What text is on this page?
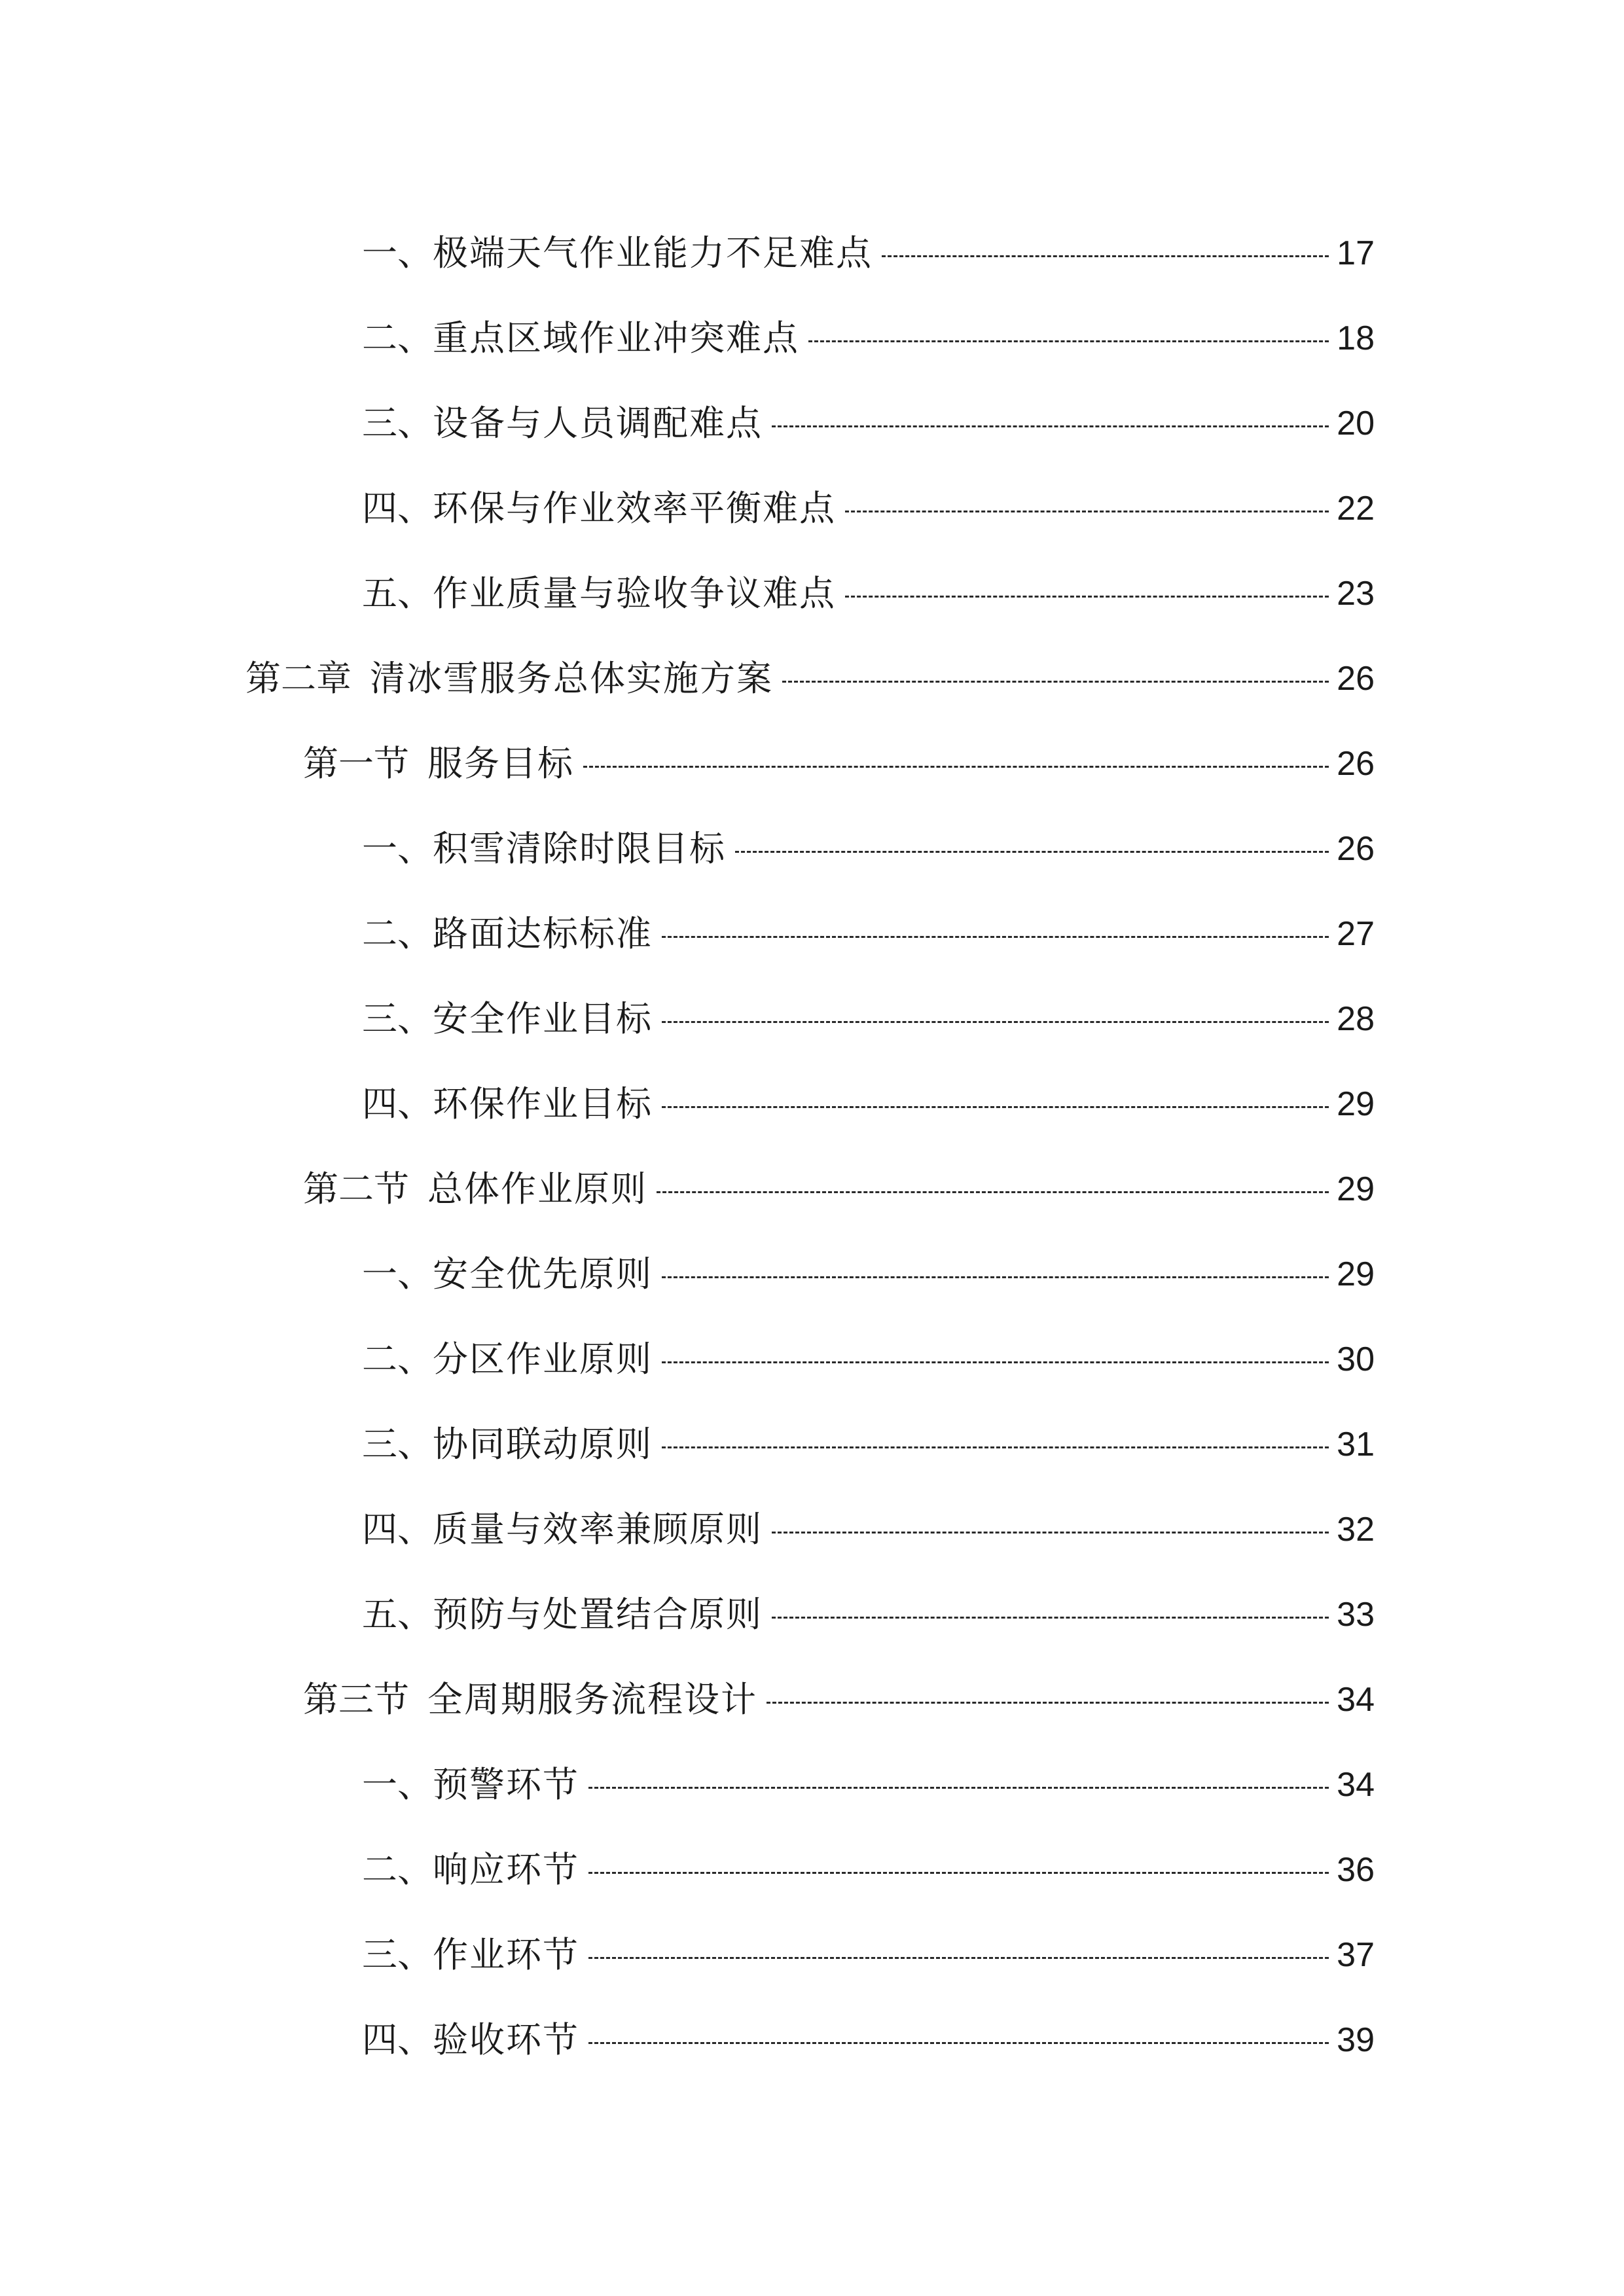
一、 极端天气作业能力不足难点	17
二、 重点区域作业冲突难点	18
三、 设备与人员调配难点	20
四、 环保与作业效率平衡难点	22
五、 作业质量与验收争议难点	23
第二章 清冰雪服务总体实施方案	26
第一节 服务目标	26
一、 积雪清除时限目标	26
二、 路面达标标准	27
三、 安全作业目标	28
四、 环保作业目标	29
第二节 总体作业原则	29
一、 安全优先原则	29
二、 分区作业原则	30
三、 协同联动原则	31
四、 质量与效率兼顾原则	32
五、 预防与处置结合原则	33
第三节 全周期服务流程设计	34
一、 预警环节	34
二、 响应环节	36
三、 作业环节	37
四、 验收环节	39
